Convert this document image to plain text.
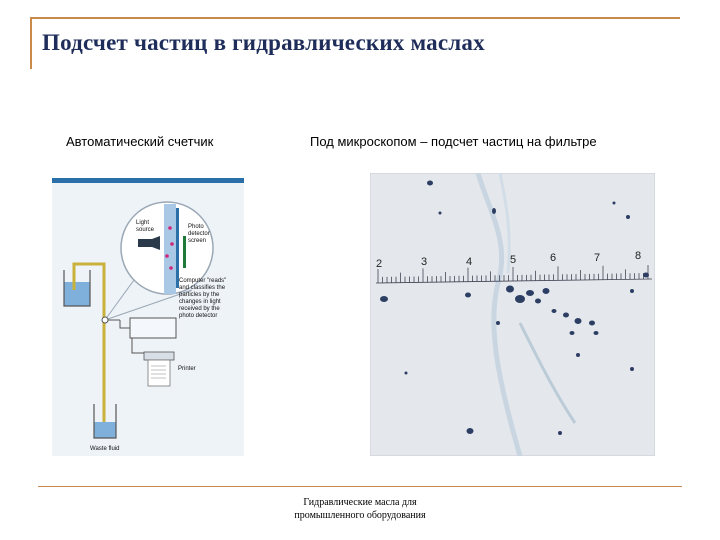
Подсчет частиц в гидравлических маслах
Автоматический счетчик	Под микроскопом – подсчет частиц на фильтре
Light source	Photo detector screen
Computer "reads" and classifies the particles by the changes in light received by the photo detector
Printer
Waste fluid
2	3	4	5	6	7	8
Гидравлические масла для
промышленного оборудования
